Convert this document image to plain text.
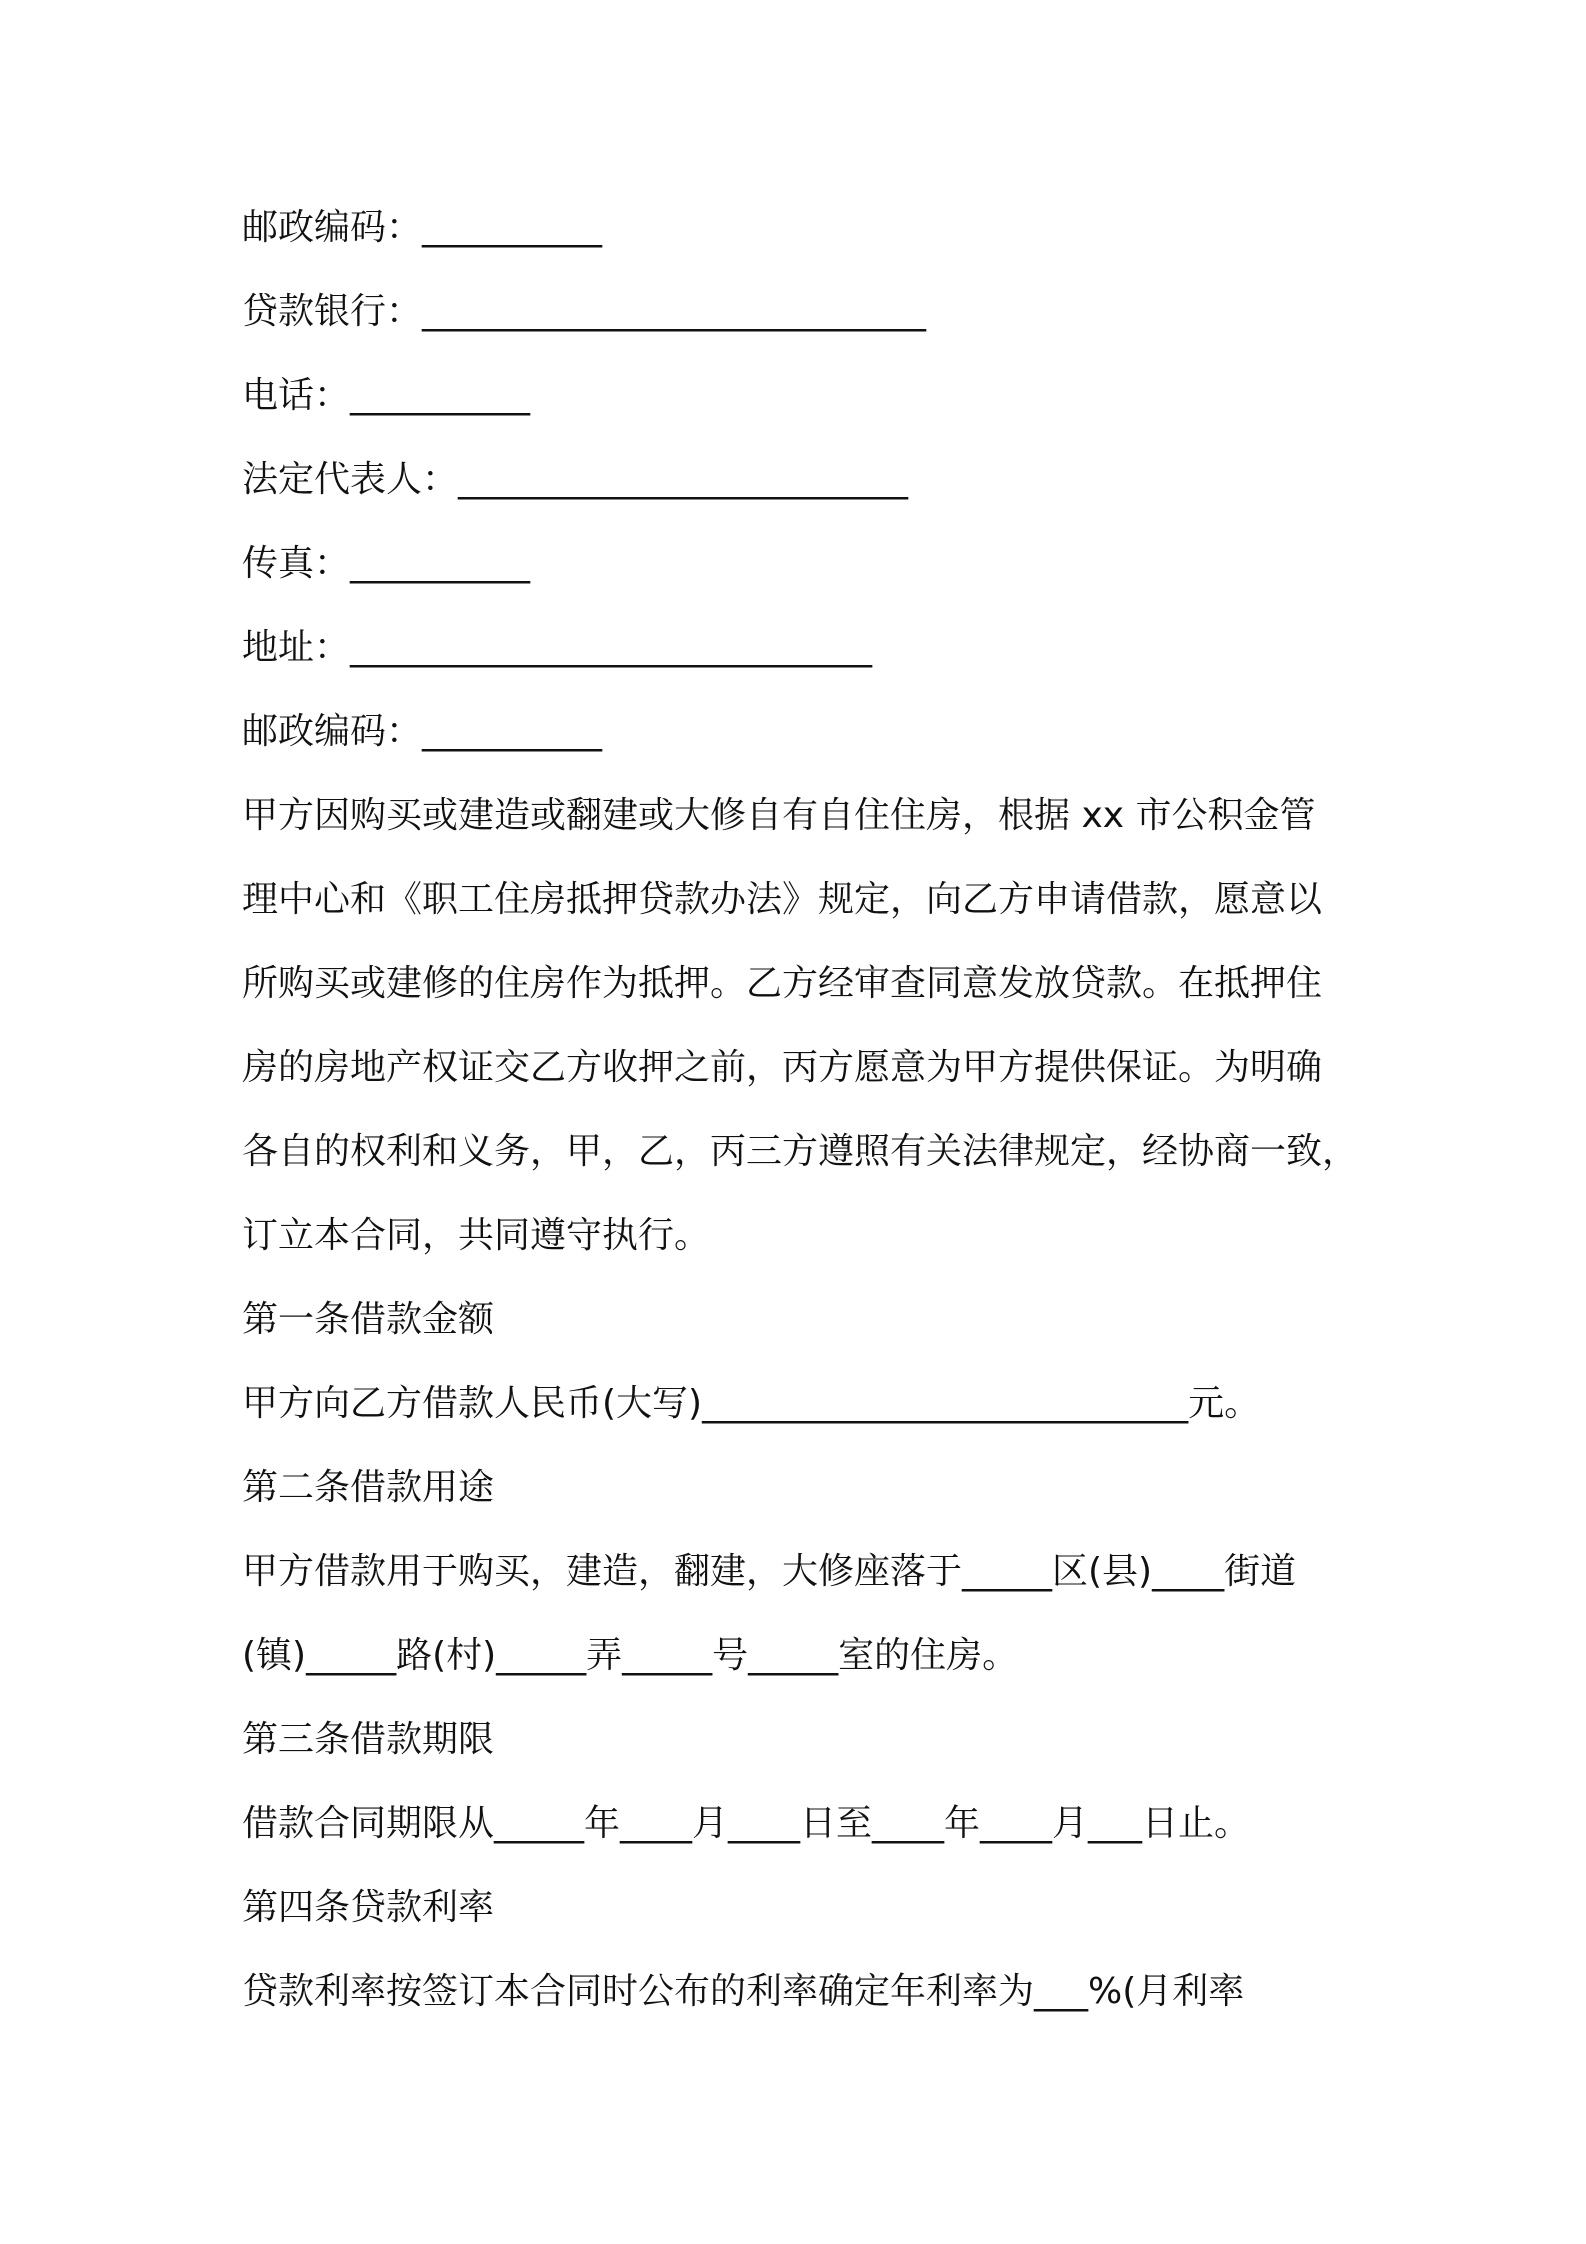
邮政编码：__________
贷款银行：____________________________
电话：__________
法定代表人：_________________________
传真：__________
地址：_____________________________
邮政编码：__________
甲方因购买或建造或翻建或大修自有自住住房，根据 xx 市公积金管
理中心和《职工住房抵押贷款办法》规定，向乙方申请借款，愿意以
所购买或建修的住房作为抵押。乙方经审查同意发放贷款。在抵押住
房的房地产权证交乙方收押之前，丙方愿意为甲方提供保证。为明确
各自的权利和义务，甲，乙，丙三方遵照有关法律规定，经协商一致，
订立本合同，共同遵守执行。
第一条借款金额
甲方向乙方借款人民币(大写)___________________________元。
第二条借款用途
甲方借款用于购买，建造，翻建，大修座落于_____区(县)____街道
(镇)_____路(村)_____弄_____号_____室的住房。
第三条借款期限
借款合同期限从_____年____月____日至____年____月___日止。
第四条贷款利率
贷款利率按签订本合同时公布的利率确定年利率为___%(月利率
